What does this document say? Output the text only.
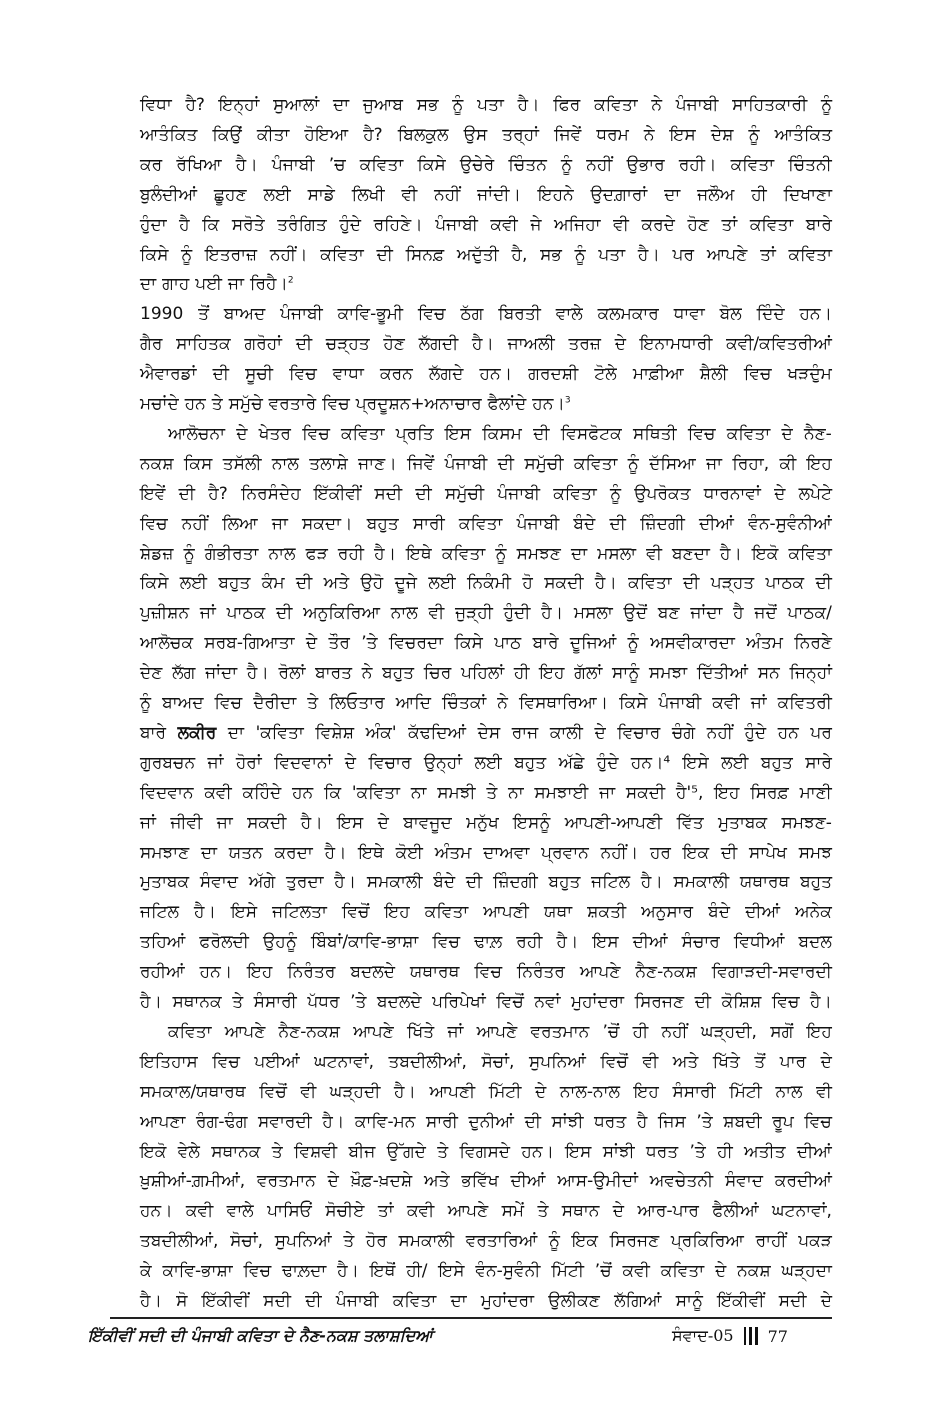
ਵਿਧਾ ਹੈ? ਇਨ੍ਹਾਂ ਸੁਆਲਾਂ ਦਾ ਜੁਆਬ ਸਭ ਨੂੰ ਪਤਾ ਹੈ। ਫਿਰ ਕਵਿਤਾ ਨੇ ਪੰਜਾਬੀ ਸਾਹਿਤਕਾਰੀ ਨੂੰ
ਆਤੰਕਿਤ ਕਿਉਂ ਕੀਤਾ ਹੋਇਆ ਹੈ? ਬਿਲਕੁਲ ਉਸ ਤਰ੍ਹਾਂ ਜਿਵੇਂ ਧਰਮ ਨੇ ਇਸ ਦੇਸ਼ ਨੂੰ ਆਤੰਕਿਤ
ਕਰ ਰੱਖਿਆ ਹੈ। ਪੰਜਾਬੀ ’ਚ ਕਵਿਤਾ ਕਿਸੇ ਉਚੇਰੇ ਚਿੰਤਨ ਨੂੰ ਨਹੀਂ ਉਭਾਰ ਰਹੀ। ਕਵਿਤਾ ਚਿੰਤਨੀ
ਬੁਲੰਦੀਆਂ ਛੂਹਣ ਲਈ ਸਾਡੇ ਲਿਖੀ ਵੀ ਨਹੀਂ ਜਾਂਦੀ। ਇਹਨੇ ਉਦਗ਼ਾਰਾਂ ਦਾ ਜਲੌਅ ਹੀ ਦਿਖਾਣਾ
ਹੁੰਦਾ ਹੈ ਕਿ ਸਰੋਤੇ ਤਰੰਗਿਤ ਹੁੰਦੇ ਰਹਿਣੇ। ਪੰਜਾਬੀ ਕਵੀ ਜੇ ਅਜਿਹਾ ਵੀ ਕਰਦੇ ਹੋਣ ਤਾਂ ਕਵਿਤਾ ਬਾਰੇ
ਕਿਸੇ ਨੂੰ ਇਤਰਾਜ਼ ਨਹੀਂ। ਕਵਿਤਾ ਦੀ ਸਿਨਫ਼ ਅਦੁੱਤੀ ਹੈ, ਸਭ ਨੂੰ ਪਤਾ ਹੈ। ਪਰ ਆਪਣੇ ਤਾਂ ਕਵਿਤਾ
ਦਾ ਗਾਹ ਪਈ ਜਾ ਰਿਹੈ।$^2$
1990 ਤੋਂ ਬਾਅਦ ਪੰਜਾਬੀ ਕਾਵਿ-ਭੂਮੀ ਵਿਚ ਠੱਗ ਬਿਰਤੀ ਵਾਲੇ ਕਲਮਕਾਰ ਧਾਵਾ ਬੋਲ ਦਿੰਦੇ ਹਨ।
ਗੈਰ ਸਾਹਿਤਕ ਗਰੋਹਾਂ ਦੀ ਚੜ੍ਹਤ ਹੋਣ ਲੱਗਦੀ ਹੈ। ਜਾਅਲੀ ਤਰਜ਼ ਦੇ ਇਨਾਮਧਾਰੀ ਕਵੀ/ਕਵਿਤਰੀਆਂ
ਐਵਾਰਡਾਂ ਦੀ ਸੂਚੀ ਵਿਚ ਵਾਧਾ ਕਰਨ ਲੱਗਦੇ ਹਨ। ਗਰਦਸ਼ੀ ਟੋਲੇ ਮਾਫ਼ੀਆ ਸ਼ੈਲੀ ਵਿਚ ਖੜਦੁੰਮ
ਮਚਾਂਦੇ ਹਨ ਤੇ ਸਮੁੱਚੇ ਵਰਤਾਰੇ ਵਿਚ ਪ੍ਰਦੂਸ਼ਨ+ਅਨਾਚਾਰ ਫੈਲਾਂਦੇ ਹਨ।$^3$
ਆਲੋਚਨਾ ਦੇ ਖੇਤਰ ਵਿਚ ਕਵਿਤਾ ਪ੍ਰਤਿ ਇਸ ਕਿਸਮ ਦੀ ਵਿਸਫੋਟਕ ਸਥਿਤੀ ਵਿਚ ਕਵਿਤਾ ਦੇ ਨੈਣ-
ਨਕਸ਼ ਕਿਸ ਤਸੱਲੀ ਨਾਲ ਤਲਾਸ਼ੇ ਜਾਣ। ਜਿਵੇਂ ਪੰਜਾਬੀ ਦੀ ਸਮੁੱਚੀ ਕਵਿਤਾ ਨੂੰ ਦੱਸਿਆ ਜਾ ਰਿਹਾ, ਕੀ ਇਹ
ਇਵੇਂ ਦੀ ਹੈ? ਨਿਰਸੰਦੇਹ ਇੱਕੀਵੀਂ ਸਦੀ ਦੀ ਸਮੁੱਚੀ ਪੰਜਾਬੀ ਕਵਿਤਾ ਨੂੰ ਉਪਰੋਕਤ ਧਾਰਨਾਵਾਂ ਦੇ ਲਪੇਟੇ
ਵਿਚ ਨਹੀਂ ਲਿਆ ਜਾ ਸਕਦਾ। ਬਹੁਤ ਸਾਰੀ ਕਵਿਤਾ ਪੰਜਾਬੀ ਬੰਦੇ ਦੀ ਜ਼ਿੰਦਗੀ ਦੀਆਂ ਵੰਨ-ਸੁਵੰਨੀਆਂ
ਸ਼ੇਡਜ਼ ਨੂੰ ਗੰਭੀਰਤਾ ਨਾਲ ਫੜ ਰਹੀ ਹੈ। ਇਥੇ ਕਵਿਤਾ ਨੂੰ ਸਮਝਣ ਦਾ ਮਸਲਾ ਵੀ ਬਣਦਾ ਹੈ। ਇਕੋ ਕਵਿਤਾ
ਕਿਸੇ ਲਈ ਬਹੁਤ ਕੰਮ ਦੀ ਅਤੇ ਉਹੋ ਦੂਜੇ ਲਈ ਨਿਕੰਮੀ ਹੋ ਸਕਦੀ ਹੈ। ਕਵਿਤਾ ਦੀ ਪੜ੍ਹਤ ਪਾਠਕ ਦੀ
ਪੁਜ਼ੀਸ਼ਨ ਜਾਂ ਪਾਠਕ ਦੀ ਅਨੁਕਿਰਿਆ ਨਾਲ ਵੀ ਜੁੜ੍ਹੀ ਹੁੰਦੀ ਹੈ। ਮਸਲਾ ਉਦੋਂ ਬਣ ਜਾਂਦਾ ਹੈ ਜਦੋਂ ਪਾਠਕ/
ਆਲੋਚਕ ਸਰਬ-ਗਿਆਤਾ ਦੇ ਤੌਰ ’ਤੇ ਵਿਚਰਦਾ ਕਿਸੇ ਪਾਠ ਬਾਰੇ ਦੂਜਿਆਂ ਨੂੰ ਅਸਵੀਕਾਰਦਾ ਅੰਤਮ ਨਿਰਣੇ
ਦੇਣ ਲੱਗ ਜਾਂਦਾ ਹੈ। ਰੋਲਾਂ ਬਾਰਤ ਨੇ ਬਹੁਤ ਚਿਰ ਪਹਿਲਾਂ ਹੀ ਇਹ ਗੱਲਾਂ ਸਾਨੂੰ ਸਮਝਾ ਦਿੱਤੀਆਂ ਸਨ ਜਿਨ੍ਹਾਂ
ਨੂੰ ਬਾਅਦ ਵਿਚ ਦੈਰੀਦਾ ਤੇ ਲਿਓਤਾਰ ਆਦਿ ਚਿੰਤਕਾਂ ਨੇ ਵਿਸਥਾਰਿਆ। ਕਿਸੇ ਪੰਜਾਬੀ ਕਵੀ ਜਾਂ ਕਵਿਤਰੀ
ਬਾਰੇ ਲਕੀਰ ਦਾ 'ਕਵਿਤਾ ਵਿਸ਼ੇਸ਼ ਅੰਕ' ਕੱਢਦਿਆਂ ਦੇਸ ਰਾਜ ਕਾਲੀ ਦੇ ਵਿਚਾਰ ਚੰਗੇ ਨਹੀਂ ਹੁੰਦੇ ਹਨ ਪਰ
ਗੁਰਬਚਨ ਜਾਂ ਹੋਰਾਂ ਵਿਦਵਾਨਾਂ ਦੇ ਵਿਚਾਰ ਉਨ੍ਹਾਂ ਲਈ ਬਹੁਤ ਅੱਛੇ ਹੁੰਦੇ ਹਨ।⁴ ਇਸੇ ਲਈ ਬਹੁਤ ਸਾਰੇ
ਵਿਦਵਾਨ ਕਵੀ ਕਹਿੰਦੇ ਹਨ ਕਿ 'ਕਵਿਤਾ ਨਾ ਸਮਝੀ ਤੇ ਨਾ ਸਮਝਾਈ ਜਾ ਸਕਦੀ ਹੈ'⁵, ਇਹ ਸਿਰਫ਼ ਮਾਣੀ
ਜਾਂ ਜੀਵੀ ਜਾ ਸਕਦੀ ਹੈ। ਇਸ ਦੇ ਬਾਵਜੂਦ ਮਨੁੱਖ ਇਸਨੂੰ ਆਪਣੀ-ਆਪਣੀ ਵਿੱਤ ਮੁਤਾਬਕ ਸਮਝਣ-
ਸਮਝਾਣ ਦਾ ਯਤਨ ਕਰਦਾ ਹੈ। ਇਥੇ ਕੋਈ ਅੰਤਮ ਦਾਅਵਾ ਪ੍ਰਵਾਨ ਨਹੀਂ। ਹਰ ਇਕ ਦੀ ਸਾਪੇਖ ਸਮਝ
ਮੁਤਾਬਕ ਸੰਵਾਦ ਅੱਗੇ ਤੁਰਦਾ ਹੈ। ਸਮਕਾਲੀ ਬੰਦੇ ਦੀ ਜ਼ਿੰਦਗੀ ਬਹੁਤ ਜਟਿਲ ਹੈ। ਸਮਕਾਲੀ ਯਥਾਰਥ ਬਹੁਤ
ਜਟਿਲ ਹੈ। ਇਸੇ ਜਟਿਲਤਾ ਵਿਚੋਂ ਇਹ ਕਵਿਤਾ ਆਪਣੀ ਯਥਾ ਸ਼ਕਤੀ ਅਨੁਸਾਰ ਬੰਦੇ ਦੀਆਂ ਅਨੇਕ
ਤਹਿਆਂ ਫਰੋਲਦੀ ਉਹਨੂੰ ਬਿੰਬਾਂ/ਕਾਵਿ-ਭਾਸ਼ਾ ਵਿਚ ਢਾਲ਼ ਰਹੀ ਹੈ। ਇਸ ਦੀਆਂ ਸੰਚਾਰ ਵਿਧੀਆਂ ਬਦਲ
ਰਹੀਆਂ ਹਨ। ਇਹ ਨਿਰੰਤਰ ਬਦਲਦੇ ਯਥਾਰਥ ਵਿਚ ਨਿਰੰਤਰ ਆਪਣੇ ਨੈਣ-ਨਕਸ਼ ਵਿਗਾੜਦੀ-ਸਵਾਰਦੀ
ਹੈ। ਸਥਾਨਕ ਤੇ ਸੰਸਾਰੀ ਪੱਧਰ ’ਤੇ ਬਦਲਦੇ ਪਰਿਪੇਖਾਂ ਵਿਚੋਂ ਨਵਾਂ ਮੁਹਾਂਦਰਾ ਸਿਰਜਣ ਦੀ ਕੋਸ਼ਿਸ਼ ਵਿਚ ਹੈ।
ਕਵਿਤਾ ਆਪਣੇ ਨੈਣ-ਨਕਸ਼ ਆਪਣੇ ਖਿੱਤੇ ਜਾਂ ਆਪਣੇ ਵਰਤਮਾਨ ’ਚੋਂ ਹੀ ਨਹੀਂ ਘੜ੍ਹਦੀ, ਸਗੋਂ ਇਹ
ਇਤਿਹਾਸ ਵਿਚ ਪਈਆਂ ਘਟਨਾਵਾਂ, ਤਬਦੀਲੀਆਂ, ਸੋਚਾਂ, ਸੁਪਨਿਆਂ ਵਿਚੋਂ ਵੀ ਅਤੇ ਖਿੱਤੇ ਤੋਂ ਪਾਰ ਦੇ
ਸਮਕਾਲ/ਯਥਾਰਥ ਵਿਚੋਂ ਵੀ ਘੜ੍ਹਦੀ ਹੈ। ਆਪਣੀ ਮਿੱਟੀ ਦੇ ਨਾਲ-ਨਾਲ ਇਹ ਸੰਸਾਰੀ ਮਿੱਟੀ ਨਾਲ ਵੀ
ਆਪਣਾ ਰੰਗ-ਢੰਗ ਸਵਾਰਦੀ ਹੈ। ਕਾਵਿ-ਮਨ ਸਾਰੀ ਦੁਨੀਆਂ ਦੀ ਸਾਂਝੀ ਧਰਤ ਹੈ ਜਿਸ ’ਤੇ ਸ਼ਬਦੀ ਰੂਪ ਵਿਚ
ਇਕੋ ਵੇਲੇ ਸਥਾਨਕ ਤੇ ਵਿਸ਼ਵੀ ਬੀਜ ਉੱਗਦੇ ਤੇ ਵਿਗਸਦੇ ਹਨ। ਇਸ ਸਾਂਝੀ ਧਰਤ ’ਤੇ ਹੀ ਅਤੀਤ ਦੀਆਂ
ਖ਼ੁਸ਼ੀਆਂ-ਗ਼ਮੀਆਂ, ਵਰਤਮਾਨ ਦੇ ਖ਼ੌਫ਼-ਖ਼ਦਸ਼ੇ ਅਤੇ ਭਵਿੱਖ ਦੀਆਂ ਆਸ-ਉਮੀਦਾਂ ਅਵਚੇਤਨੀ ਸੰਵਾਦ ਕਰਦੀਆਂ
ਹਨ। ਕਵੀ ਵਾਲੇ ਪਾਸਿਓਂ ਸੋਚੀਏ ਤਾਂ ਕਵੀ ਆਪਣੇ ਸਮੇਂ ਤੇ ਸਥਾਨ ਦੇ ਆਰ-ਪਾਰ ਫੈਲੀਆਂ ਘਟਨਾਵਾਂ,
ਤਬਦੀਲੀਆਂ, ਸੋਚਾਂ, ਸੁਪਨਿਆਂ ਤੇ ਹੋਰ ਸਮਕਾਲੀ ਵਰਤਾਰਿਆਂ ਨੂੰ ਇਕ ਸਿਰਜਣ ਪ੍ਰਕਿਰਿਆ ਰਾਹੀਂ ਪਕੜ
ਕੇ ਕਾਵਿ-ਭਾਸ਼ਾ ਵਿਚ ਢਾਲ਼ਦਾ ਹੈ। ਇਥੋਂ ਹੀ/ ਇਸੇ ਵੰਨ-ਸੁਵੰਨੀ ਮਿੱਟੀ ’ਚੋਂ ਕਵੀ ਕਵਿਤਾ ਦੇ ਨਕਸ਼ ਘੜ੍ਹਦਾ
ਹੈ। ਸੋ ਇੱਕੀਵੀਂ ਸਦੀ ਦੀ ਪੰਜਾਬੀ ਕਵਿਤਾ ਦਾ ਮੁਹਾਂਦਰਾ ਉਲੀਕਣ ਲੱਗਿਆਂ ਸਾਨੂੰ ਇੱਕੀਵੀਂ ਸਦੀ ਦੇ
ਇੱਕੀਵੀਂ ਸਦੀ ਦੀ ਪੰਜਾਬੀ ਕਵਿਤਾ ਦੇ ਨੈਣ-ਨਕਸ਼ ਤਲਾਸ਼ਦਿਆਂ	ਸੰਵਾਦ-05 77
